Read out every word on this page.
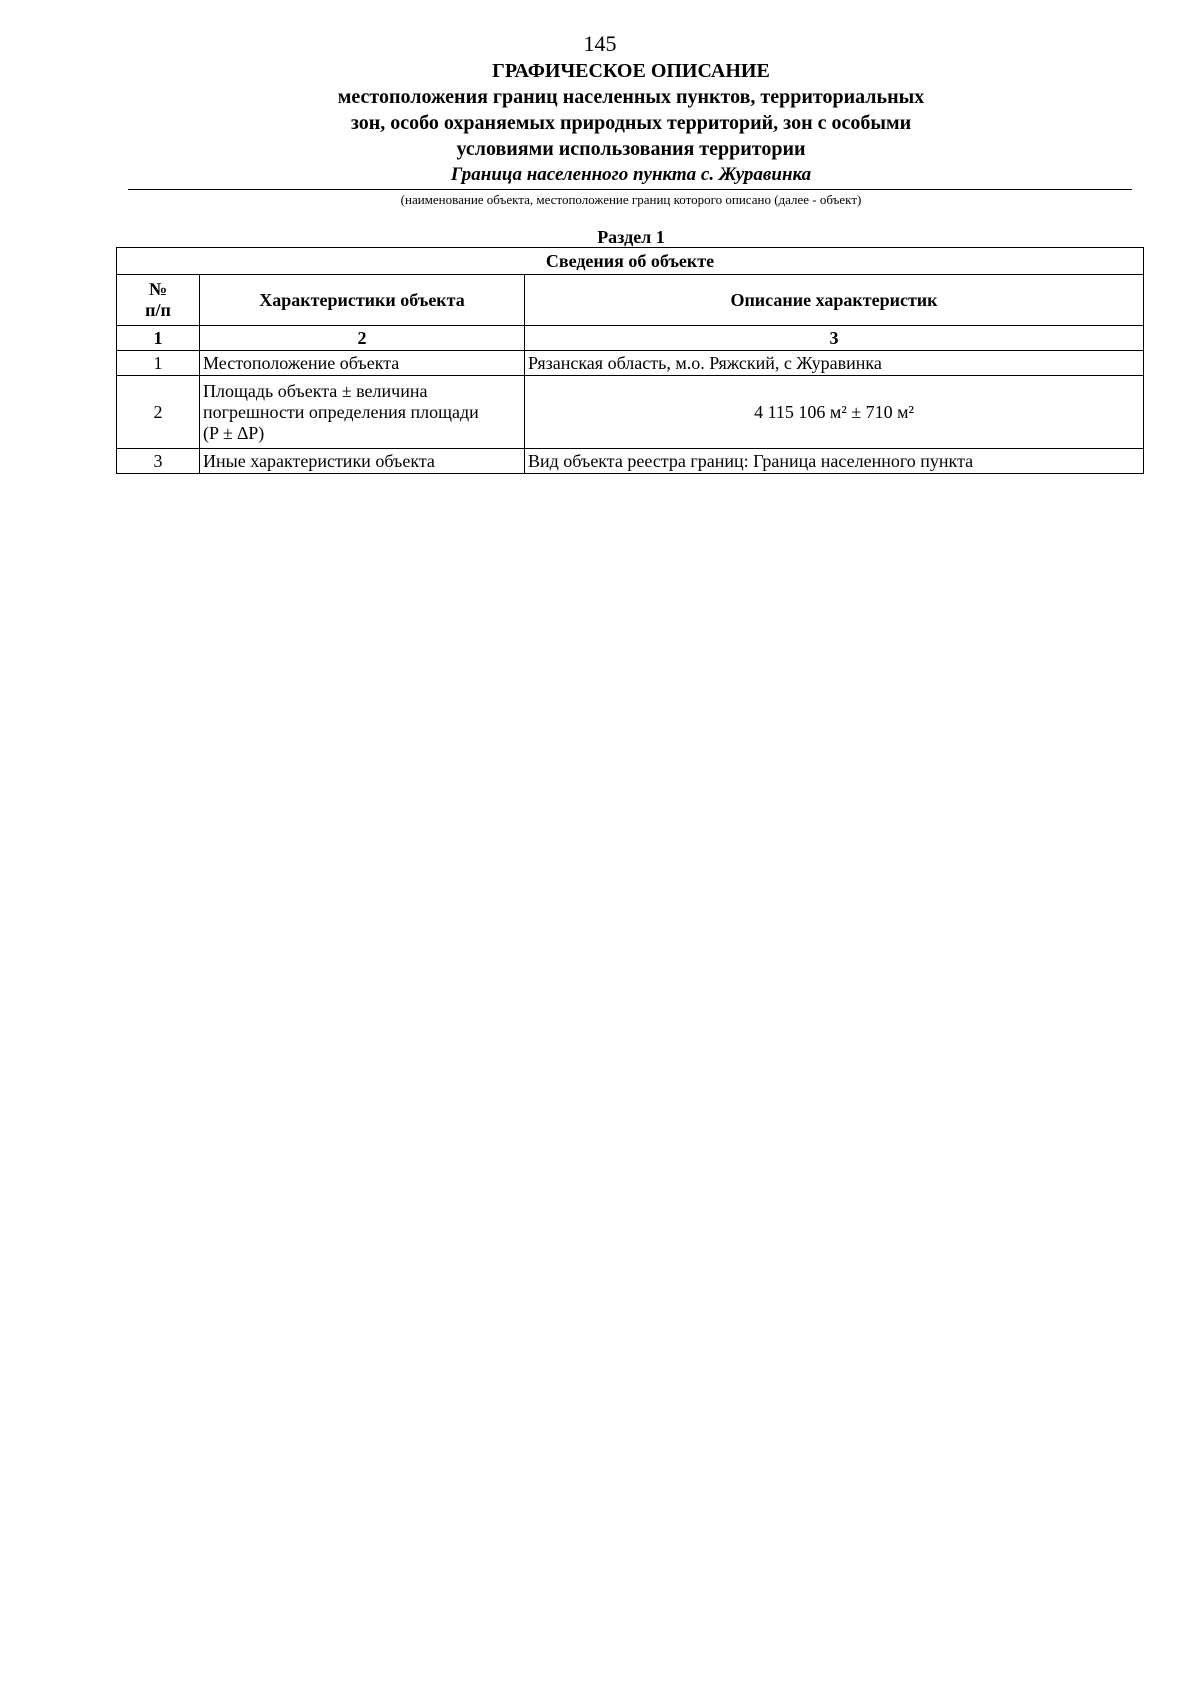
145
ГРАФИЧЕСКОЕ ОПИСАНИЕ
местоположения границ населенных пунктов, территориальных
зон, особо охраняемых природных территорий, зон с особыми
условиями использования территории
Граница населенного пункта с. Журавинка
(наименование объекта, местоположение границ которого описано (далее - объект)
Раздел 1
Сведения об объекте		
№
п/п	Характеристики объекта	Описание характеристик
1	2	3
1	Местоположение объекта	Рязанская область, м.о. Ряжский, с Журавинка
2	Площадь объекта ± величина
погрешности определения площади
(P ± ∆P)	4 115 106 м² ± 710 м²
3	Иные характеристики объекта	Вид объекта реестра границ: Граница населенного пункта
